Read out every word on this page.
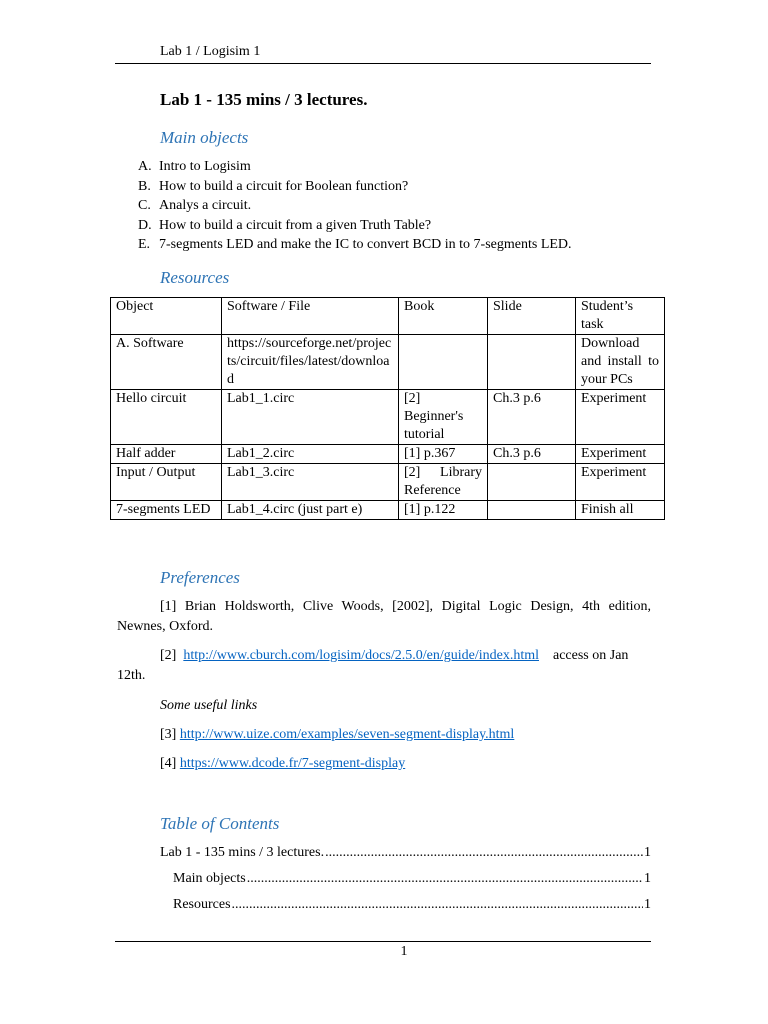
Lab 1 / Logisim 1
Lab 1 - 135 mins / 3 lectures.
Main objects
A. Intro to Logisim
B. How to build a circuit for Boolean function?
C. Analys a circuit.
D. How to build a circuit from a given Truth Table?
E. 7-segments LED and make the IC to convert BCD in to 7-segments LED.
Resources
Object	Software / File	Book	Slide	Student’s task
A. Software	https://sourceforge.net/projects/circuit/files/latest/download			Download and install to your PCs
Hello circuit	Lab1_1.circ	[2] Beginner's tutorial	Ch.3 p.6	Experiment
Half adder	Lab1_2.circ	[1] p.367	Ch.3 p.6	Experiment
Input / Output	Lab1_3.circ	[2] Library Reference		Experiment
7-segments LED	Lab1_4.circ (just part e)	[1] p.122		Finish all
Preferences
[1] Brian Holdsworth, Clive Woods, [2002], Digital Logic Design, 4th edition, Newnes, Oxford.
[2] http://www.cburch.com/logisim/docs/2.5.0/en/guide/index.html access on Jan 12th.
Some useful links
[3] http://www.uize.com/examples/seven-segment-display.html
[4] https://www.dcode.fr/7-segment-display
Table of Contents
Lab 1 - 135 mins / 3 lectures. .....	1
Main objects .....	1
Resources .....	1
1
